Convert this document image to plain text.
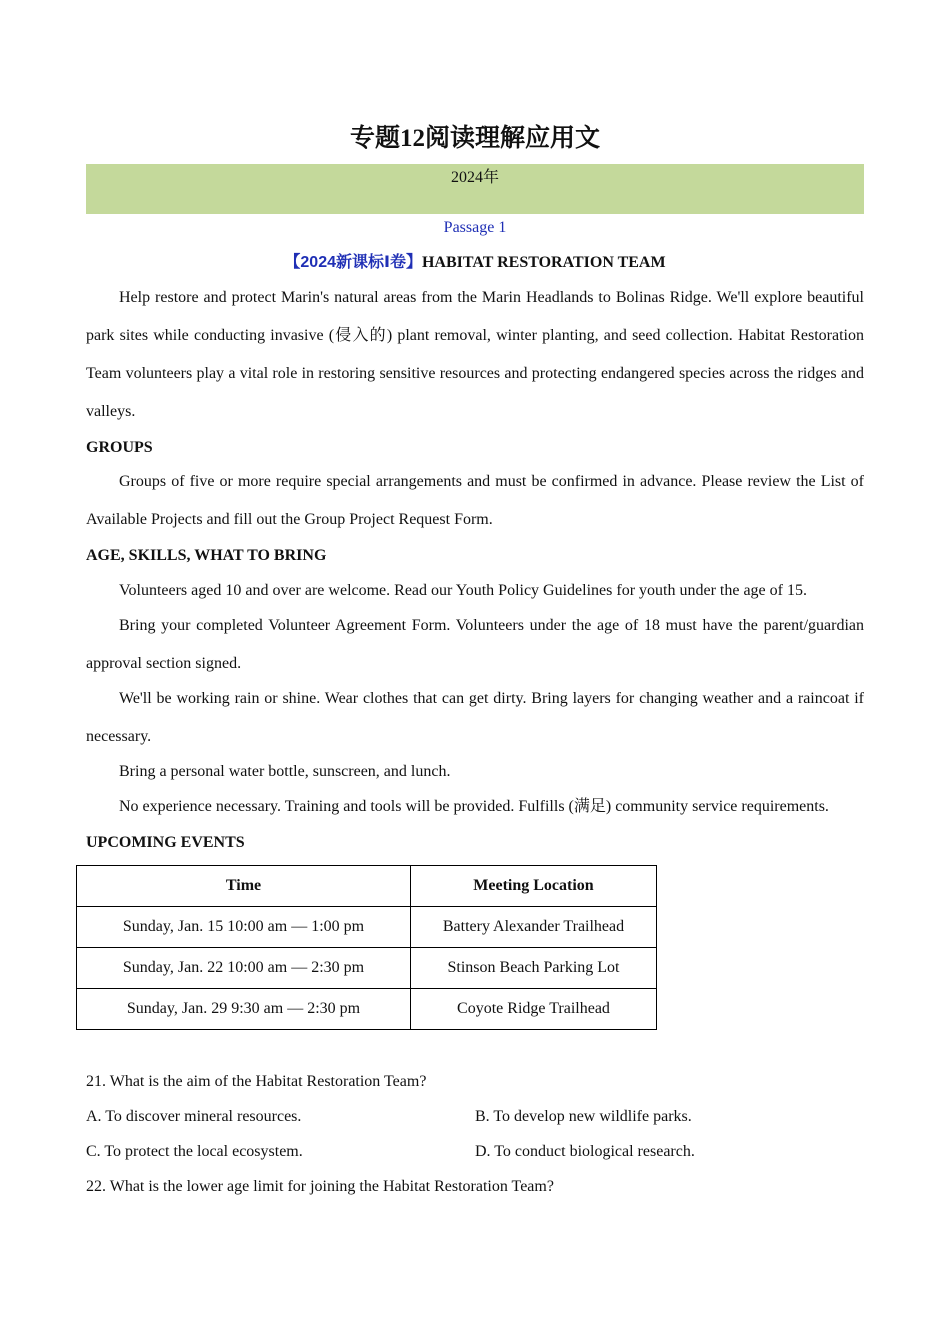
专题12阅读理解应用文
2024年
Passage 1
【2024新课标Ⅰ卷】HABITAT RESTORATION TEAM
Help restore and protect Marin's natural areas from the Marin Headlands to Bolinas Ridge. We'll explore beautiful park sites while conducting invasive (侵入的) plant removal, winter planting, and seed collection. Habitat Restoration Team volunteers play a vital role in restoring sensitive resources and protecting endangered species across the ridges and valleys.
GROUPS
Groups of five or more require special arrangements and must be confirmed in advance. Please review the List of Available Projects and fill out the Group Project Request Form.
AGE, SKILLS, WHAT TO BRING
Volunteers aged 10 and over are welcome. Read our Youth Policy Guidelines for youth under the age of 15.
Bring your completed Volunteer Agreement Form. Volunteers under the age of 18 must have the parent/guardian approval section signed.
We'll be working rain or shine. Wear clothes that can get dirty. Bring layers for changing weather and a raincoat if necessary.
Bring a personal water bottle, sunscreen, and lunch.
No experience necessary. Training and tools will be provided. Fulfills (满足) community service requirements.
UPCOMING EVENTS
Time	Meeting Location
Sunday, Jan. 15 10:00 am — 1:00 pm	Battery Alexander Trailhead
Sunday, Jan. 22 10:00 am — 2:30 pm	Stinson Beach Parking Lot
Sunday, Jan. 29 9:30 am — 2:30 pm	Coyote Ridge Trailhead
21. What is the aim of the Habitat Restoration Team?
A. To discover mineral resources.	B. To develop new wildlife parks.
C. To protect the local ecosystem.	D. To conduct biological research.
22. What is the lower age limit for joining the Habitat Restoration Team?
